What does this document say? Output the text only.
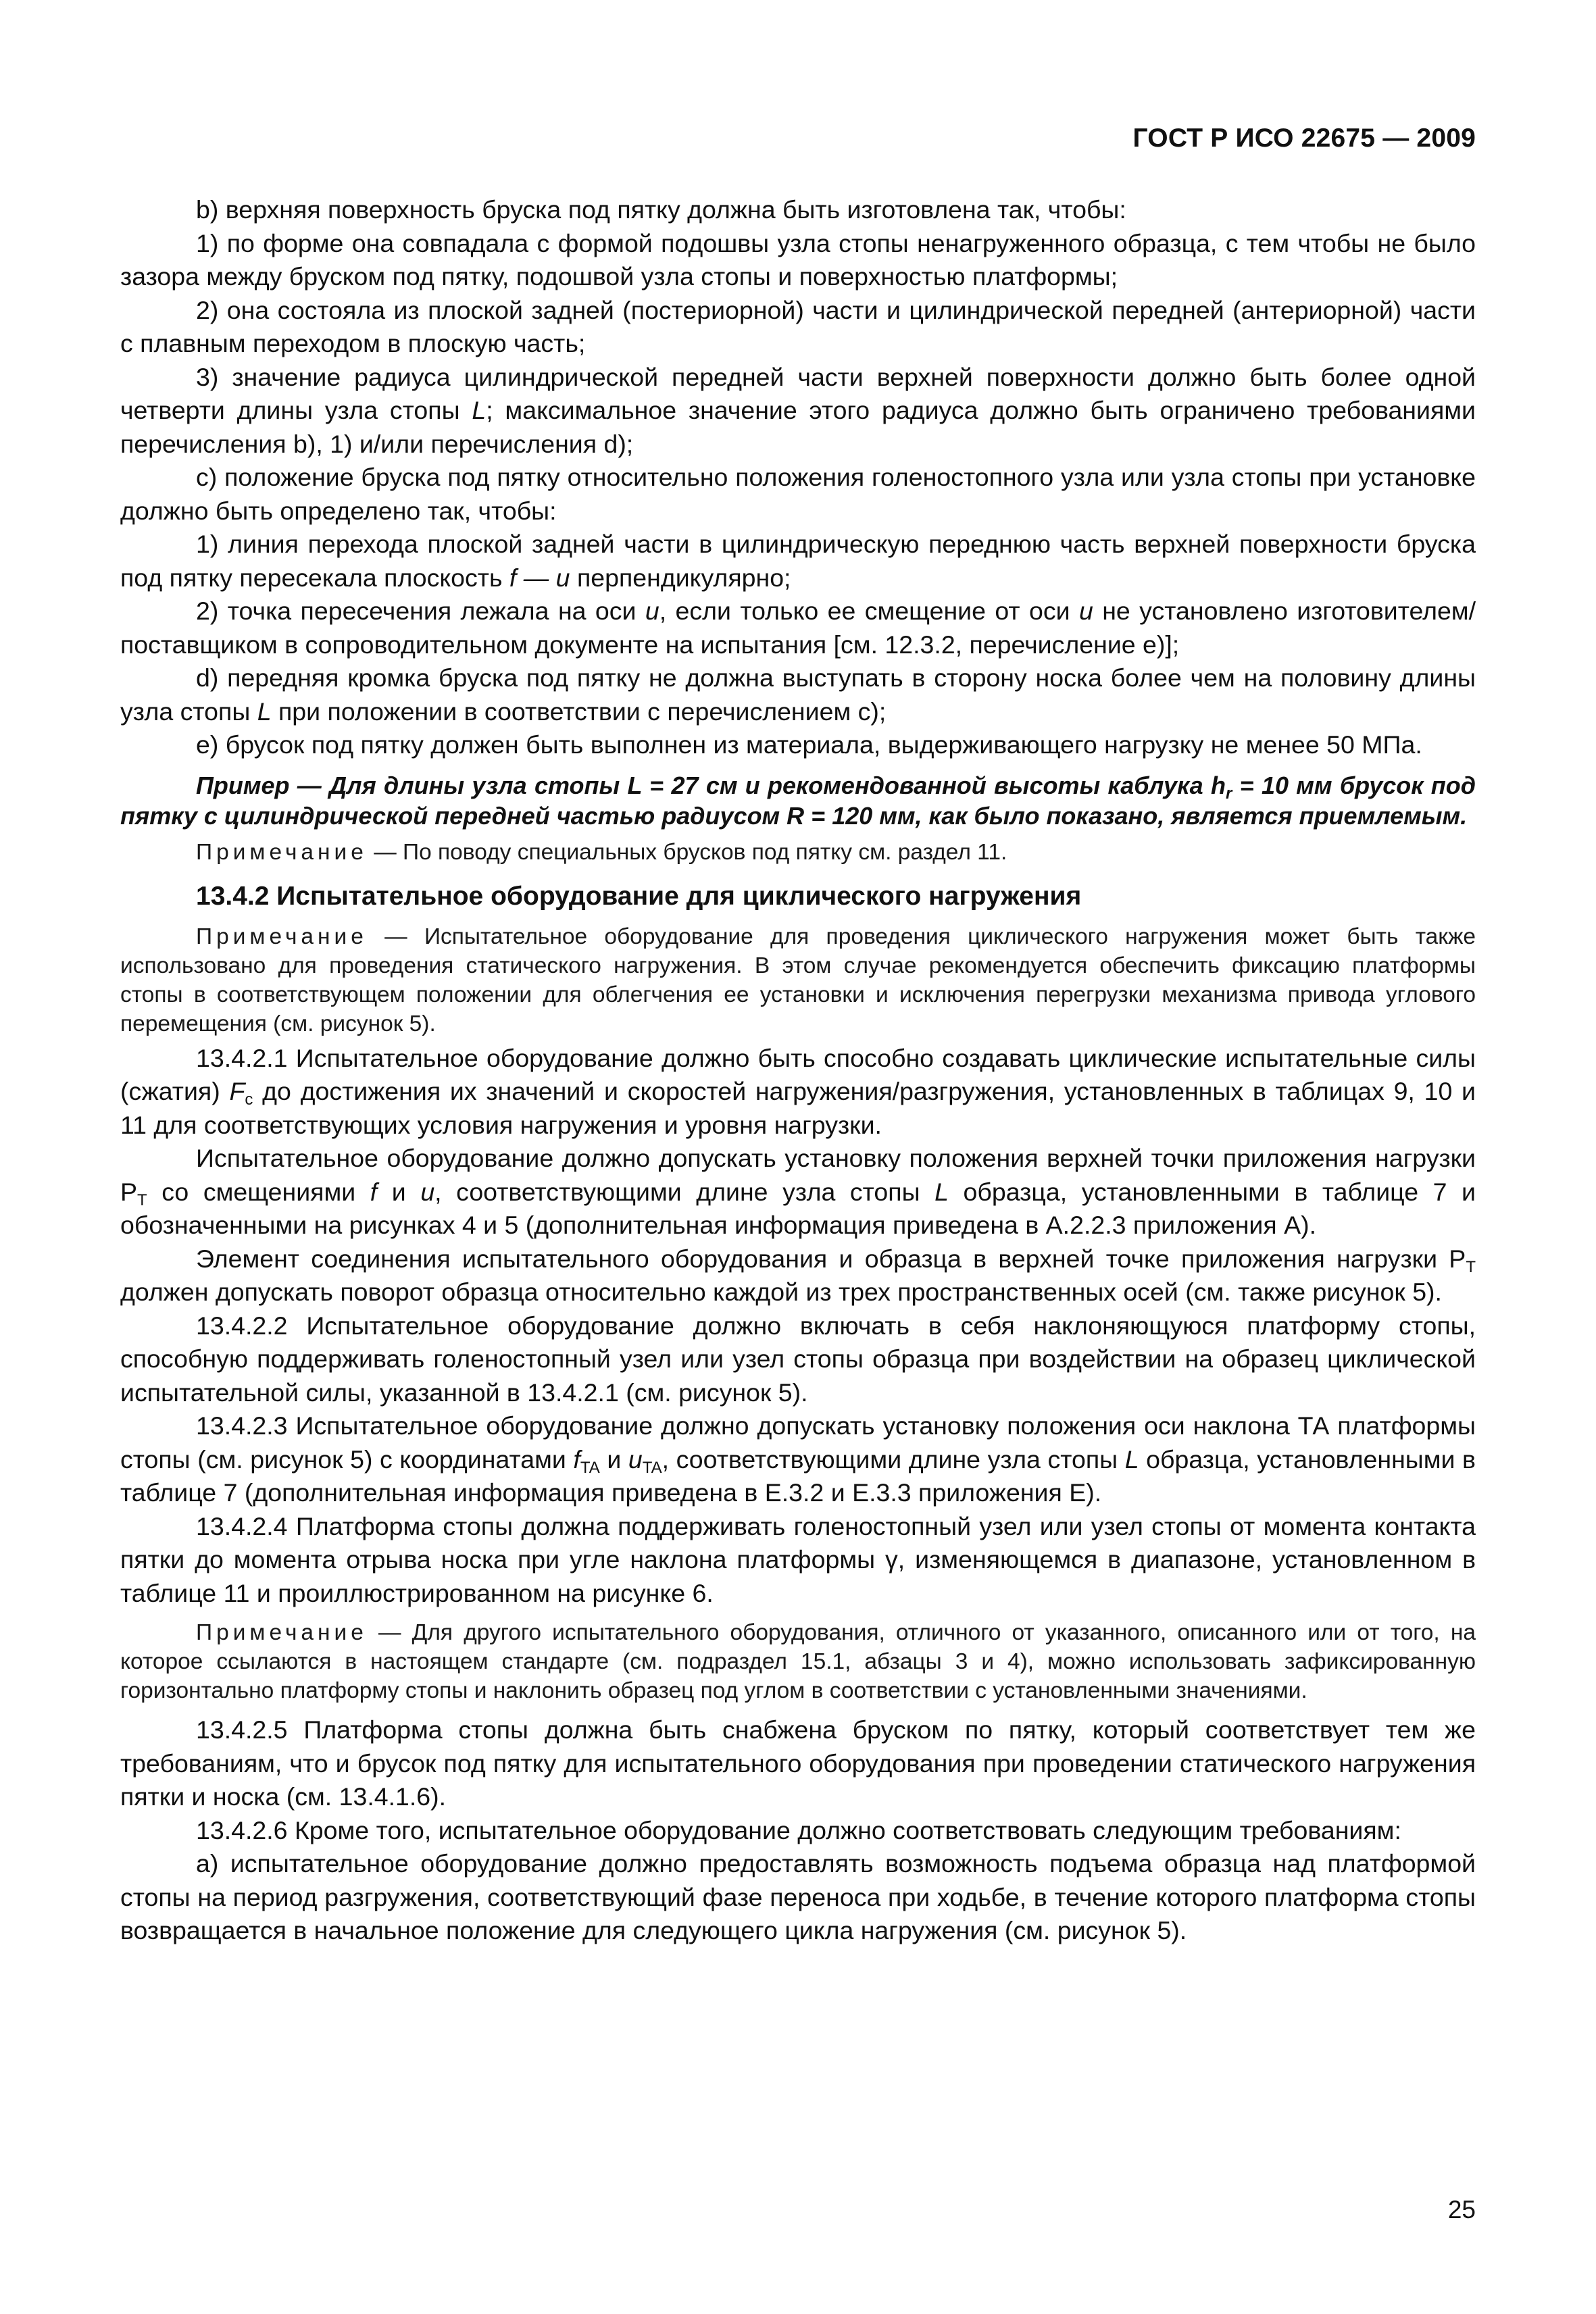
ГОСТ Р ИСО 22675 — 2009

b) верхняя поверхность бруска под пятку должна быть изготовлена так, чтобы:

1) по форме она совпадала с формой подошвы узла стопы ненагруженного образца, с тем чтобы не было зазора между бруском под пятку, подошвой узла стопы и поверхностью платформы;

2) она состояла из плоской задней (постериорной) части и цилиндрической передней (антериорной) части с плавным переходом в плоскую часть;

3) значение радиуса цилиндрической передней части верхней поверхности должно быть более одной четверти длины узла стопы L; максимальное значение этого радиуса должно быть ограничено требованиями перечисления b), 1) и/или перечисления d);

c) положение бруска под пятку относительно положения голеностопного узла или узла стопы при установке должно быть определено так, чтобы:

1) линия перехода плоской задней части в цилиндрическую переднюю часть верхней поверхности бруска под пятку пересекала плоскость f — u перпендикулярно;

2) точка пересечения лежала на оси u, если только ее смещение от оси u не установлено изготовителем/поставщиком в сопроводительном документе на испытания [см. 12.3.2, перечисление e)];

d) передняя кромка бруска под пятку не должна выступать в сторону носка более чем на половину длины узла стопы L при положении в соответствии с перечислением c);

e) брусок под пятку должен быть выполнен из материала, выдерживающего нагрузку не менее 50 МПа.

Пример — Для длины узла стопы L = 27 см и рекомендованной высоты каблука $h_r = 10$ мм брусок под пятку с цилиндрической передней частью радиусом R = 120 мм, как было показано, является приемлемым.

Примечание — По поводу специальных брусков под пятку см. раздел 11.

13.4.2 Испытательное оборудование для циклического нагружения

Примечание — Испытательное оборудование для проведения циклического нагружения может быть также использовано для проведения статического нагружения. В этом случае рекомендуется обеспечить фиксацию платформы стопы в соответствующем положении для облегчения ее установки и исключения перегрузки механизма привода углового перемещения (см. рисунок 5).

13.4.2.1 Испытательное оборудование должно быть способно создавать циклические испытательные силы (сжатия) $F_c$ до достижения их значений и скоростей нагружения/разгружения, установленных в таблицах 9, 10 и 11 для соответствующих условия нагружения и уровня нагрузки.

Испытательное оборудование должно допускать установку положения верхней точки приложения нагрузки $P_T$ со смещениями f и u, соответствующими длине узла стопы L образца, установленными в таблице 7 и обозначенными на рисунках 4 и 5 (дополнительная информация приведена в А.2.2.3 приложения А).

Элемент соединения испытательного оборудования и образца в верхней точке приложения нагрузки $P_T$ должен допускать поворот образца относительно каждой из трех пространственных осей (см. также рисунок 5).

13.4.2.2 Испытательное оборудование должно включать в себя наклоняющуюся платформу стопы, способную поддерживать голеностопный узел или узел стопы образца при воздействии на образец циклической испытательной силы, указанной в 13.4.2.1 (см. рисунок 5).

13.4.2.3 Испытательное оборудование должно допускать установку положения оси наклона ТА платформы стопы (см. рисунок 5) с координатами $f_{TA}$ и $u_{TA}$, соответствующими длине узла стопы L образца, установленными в таблице 7 (дополнительная информация приведена в Е.3.2 и Е.3.3 приложения Е).

13.4.2.4 Платформа стопы должна поддерживать голеностопный узел или узел стопы от момента контакта пятки до момента отрыва носка при угле наклона платформы γ, изменяющемся в диапазоне, установленном в таблице 11 и проиллюстрированном на рисунке 6.

Примечание — Для другого испытательного оборудования, отличного от указанного, описанного или от того, на которое ссылаются в настоящем стандарте (см. подраздел 15.1, абзацы 3 и 4), можно использовать зафиксированную горизонтально платформу стопы и наклонить образец под углом в соответствии с установленными значениями.

13.4.2.5 Платформа стопы должна быть снабжена бруском по пятку, который соответствует тем же требованиям, что и брусок под пятку для испытательного оборудования при проведении статического нагружения пятки и носка (см. 13.4.1.6).

13.4.2.6 Кроме того, испытательное оборудование должно соответствовать следующим требованиям:

a) испытательное оборудование должно предоставлять возможность подъема образца над платформой стопы на период разгружения, соответствующий фазе переноса при ходьбе, в течение которого платформа стопы возвращается в начальное положение для следующего цикла нагружения (см. рисунок 5).

25
